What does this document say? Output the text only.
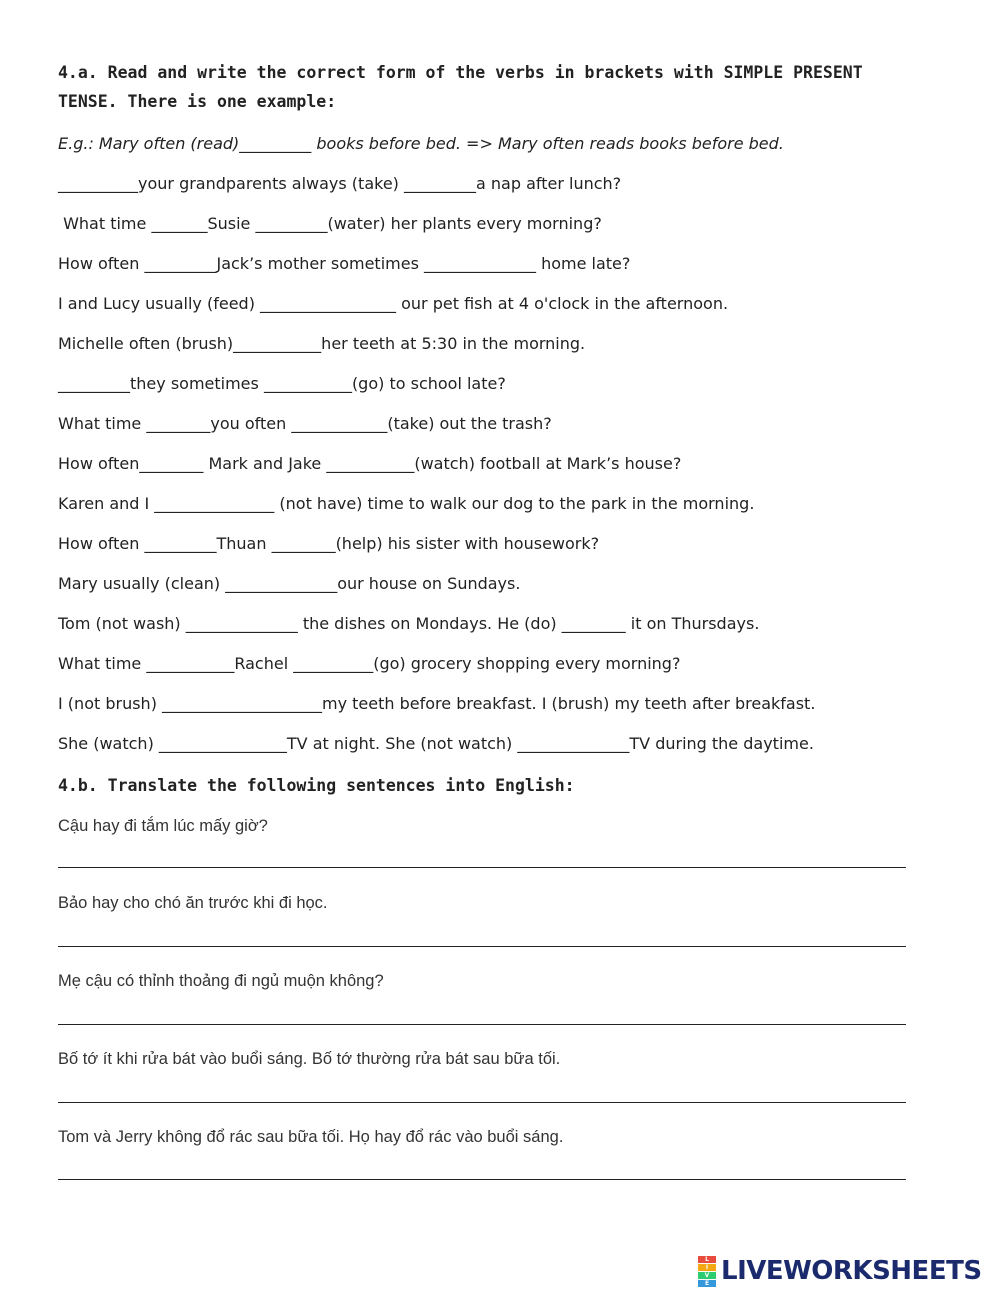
4.a. Read and write the correct form of the verbs in brackets with SIMPLE PRESENT
TENSE. There is one example:
E.g.: Mary often (read)_________ books before bed. => Mary often reads books before bed.
__________your grandparents always (take) _________a nap after lunch?
What time _______Susie _________(water) her plants every morning?
How often _________Jack’s mother sometimes ______________ home late?
I and Lucy usually (feed) _________________ our pet fish at 4 o'clock in the afternoon.
Michelle often (brush)___________her teeth at 5:30 in the morning.
_________they sometimes ___________(go) to school late?
What time ________you often ____________(take) out the trash?
How often________ Mark and Jake ___________(watch) football at Mark’s house?
Karen and I _______________ (not have) time to walk our dog to the park in the morning.
How often _________Thuan ________(help) his sister with housework?
Mary usually (clean) ______________our house on Sundays.
Tom (not wash) ______________ the dishes on Mondays. He (do) ________ it on Thursdays.
What time ___________Rachel __________(go) grocery shopping every morning?
I (not brush) ____________________my teeth before breakfast. I (brush) my teeth after breakfast.
She (watch) ________________TV at night. She (not watch) ______________TV during the daytime.
4.b. Translate the following sentences into English:
Cậu hay đi tắm lúc mấy giờ?
Bảo hay cho chó ăn trước khi đi học.
Mẹ cậu có thỉnh thoảng đi ngủ muộn không?
Bố tớ ít khi rửa bát vào buổi sáng. Bố tớ thường rửa bát sau bữa tối.
Tom và Jerry không đổ rác sau bữa tối. Họ hay đổ rác vào buổi sáng.
L
I
V
E LIVEWORKSHEETS
